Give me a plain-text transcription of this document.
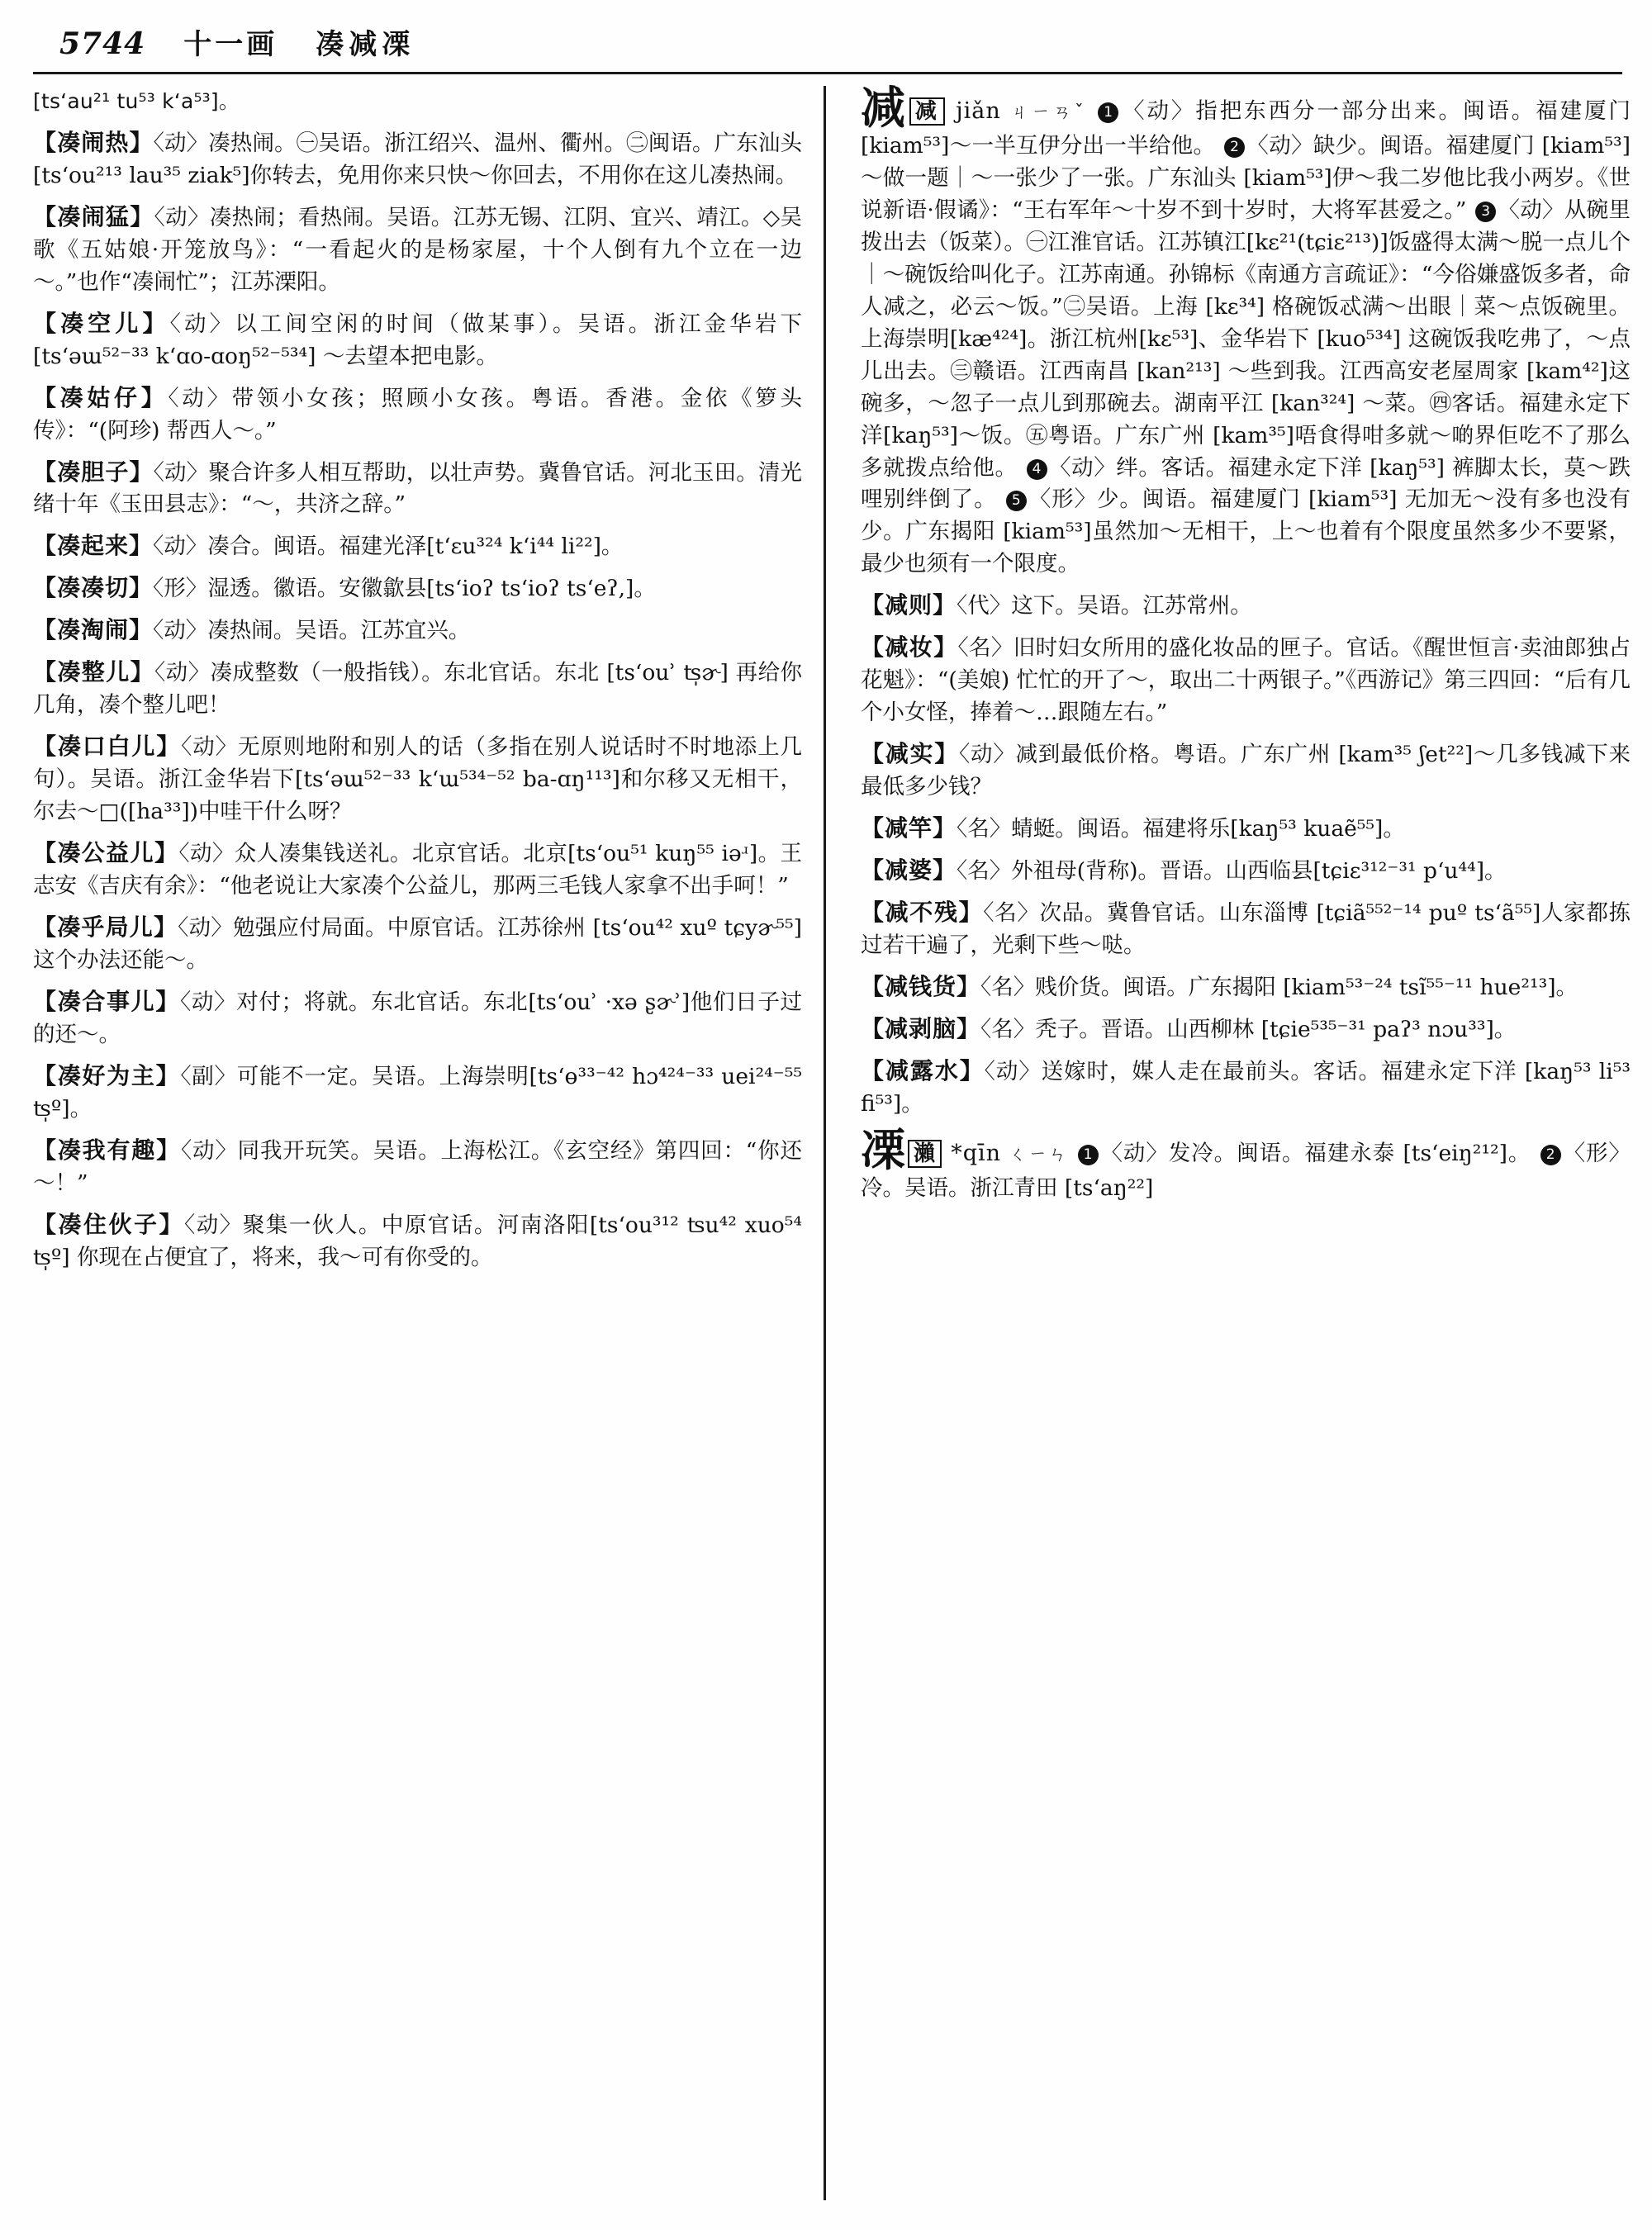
5744 十一画 凑减凓
[ts‘au²¹ tu⁵³ k‘a⁵³]。
【凑闹热】〈动〉凑热闹。㊀吴语。浙江绍兴、温州、衢州。㊁闽语。广东汕头 [ts‘ou²¹³ lau³⁵ ziak⁵]你转去，免用你来只快～你回去，不用你在这儿凑热闹。
【凑闹猛】〈动〉凑热闹；看热闹。吴语。江苏无锡、江阴、宜兴、靖江。◇吴歌《五姑娘·开笼放鸟》：“一看起火的是杨家屋，十个人倒有九个立在一边～。”也作“凑闹忙”；江苏溧阳。
【凑空儿】〈动〉以工间空闲的时间（做某事）。吴语。浙江金华岩下 [ts‘əɯ⁵²⁻³³ k‘ɑo-ɑoŋ⁵²⁻⁵³⁴] ～去望本把电影。
【凑姑仔】〈动〉带领小女孩；照顾小女孩。粤语。香港。金依《箩头传》：“(阿珍) 帮西人～。”
【凑胆子】〈动〉聚合许多人相互帮助，以壮声势。冀鲁官话。河北玉田。清光绪十年《玉田县志》：“～，共济之辞。”
【凑起来】〈动〉凑合。闽语。福建光泽[t‘ɛu³²⁴ k‘i⁴⁴ li²²]。
【凑凑切】〈形〉湿透。徽语。安徽歙县[ts‘ioʔ ts‘ioʔ ts‘eʔ,]。
【凑淘闹】〈动〉凑热闹。吴语。江苏宜兴。
【凑整儿】〈动〉凑成整数（一般指钱）。东北官话。东北 [ts‘ouʾ ʦ̩ɚ] 再给你几角，凑个整儿吧！
【凑口白儿】〈动〉无原则地附和别人的话（多指在别人说话时不时地添上几句）。吴语。浙江金华岩下[ts‘əɯ⁵²⁻³³ k‘ɯ⁵³⁴⁻⁵² ba-ɑŋ¹¹³]和尔移又无相干，尔去～□([ha³³])中哇干什么呀？
【凑公益儿】〈动〉众人凑集钱送礼。北京官话。北京[ts‘ou⁵¹ kuŋ⁵⁵ iəʴ]。王志安《吉庆有余》：“他老说让大家凑个公益儿，那两三毛钱人家拿不出手呵！”
【凑乎局儿】〈动〉勉强应付局面。中原官话。江苏徐州 [ts‘ou⁴² xuº tɕyɚ⁵⁵]这个办法还能～。
【凑合事儿】〈动〉对付；将就。东北官话。东北[ts‘ouʾ ·xə ʂɚʾ]他们日子过的还～。
【凑好为主】〈副〉可能不一定。吴语。上海崇明[ts‘ɵ³³⁻⁴² hɔ⁴²⁴⁻³³ uei²⁴⁻⁵⁵ ʦ̩º]。
【凑我有趣】〈动〉同我开玩笑。吴语。上海松江。《玄空经》第四回：“你还～！”
【凑住伙子】〈动〉聚集一伙人。中原官话。河南洛阳[ts‘ou³¹² ʦu⁴² xuo⁵⁴ ʦ̩º] 你现在占便宜了，将来，我～可有你受的。
减减 jiǎn ㄐㄧㄢˇ 1 〈动〉指把东西分一部分出来。闽语。福建厦门 [kiam⁵³]～一半互伊分出一半给他。 2 〈动〉缺少。闽语。福建厦门 [kiam⁵³] ～做一题｜～一张少了一张。广东汕头 [kiam⁵³]伊～我二岁他比我小两岁。《世说新语·假谲》：“王右军年～十岁不到十岁时，大将军甚爱之。” 3 〈动〉从碗里拨出去（饭菜）。㊀江淮官话。江苏镇江[kɛ²¹(tɕiɛ²¹³)]饭盛得太满～脱一点儿个｜～碗饭给叫化子。江苏南通。孙锦标《南通方言疏证》：“今俗嫌盛饭多者，命人减之，必云～饭。”㊁吴语。上海 [kɛ³⁴] 格碗饭忒满～出眼｜菜～点饭碗里。上海崇明[kæ⁴²⁴]。浙江杭州[kɛ⁵³]、金华岩下 [kuo⁵³⁴] 这碗饭我吃弗了，～点儿出去。㊂赣语。江西南昌 [kan²¹³] ～些到我。江西高安老屋周家 [kam⁴²]这碗多，～忽子一点儿到那碗去。湖南平江 [kan³²⁴] ～菜。㊃客话。福建永定下洋[kaŋ⁵³]～饭。㊄粤语。广东广州 [kam³⁵]唔食得咁多就～啲界佢吃不了那么多就拨点给他。 4 〈动〉绊。客话。福建永定下洋 [kaŋ⁵³] 裤脚太长，莫～跌哩别绊倒了。 5 〈形〉少。闽语。福建厦门 [kiam⁵³] 无加无～没有多也没有少。广东揭阳 [kiam⁵³]虽然加～无相干，上～也着有个限度虽然多少不要紧，最少也须有一个限度。
【减则】〈代〉这下。吴语。江苏常州。
【减妆】〈名〉旧时妇女所用的盛化妆品的匣子。官话。《醒世恒言·卖油郎独占花魁》：“(美娘) 忙忙的开了～，取出二十两银子。”《西游记》第三四回：“后有几个小女怪，捧着～…跟随左右。”
【减实】〈动〉减到最低价格。粤语。广东广州 [kam³⁵ ʃet²²]～几多钱减下来最低多少钱？
【减竿】〈名〉蜻蜓。闽语。福建将乐[kaŋ⁵³ kuaẽ⁵⁵]。
【减婆】〈名〉外祖母(背称)。晋语。山西临县[tɕiɛ³¹²⁻³¹ p‘u⁴⁴]。
【减不残】〈名〉次品。冀鲁官话。山东淄博 [tɕiã⁵⁵²⁻¹⁴ puº ts‘ã⁵⁵]人家都拣过若干遍了，光剩下些～哒。
【减钱货】〈名〉贱价货。闽语。广东揭阳 [kiam⁵³⁻²⁴ tsĩ⁵⁵⁻¹¹ hue²¹³]。
【减剥脑】〈名〉秃子。晋语。山西柳林 [tɕie⁵³⁵⁻³¹ paʔ³ nɔu³³]。
【减露水】〈动〉送嫁时，媒人走在最前头。客话。福建永定下洋 [kaŋ⁵³ li⁵³ fi⁵³]。
凓瀨 *qīn ㄑㄧㄣ 1 〈动〉发冷。闽语。福建永泰 [ts‘eiŋ²¹²]。 2 〈形〉冷。吴语。浙江青田 [ts‘aŋ²²]
